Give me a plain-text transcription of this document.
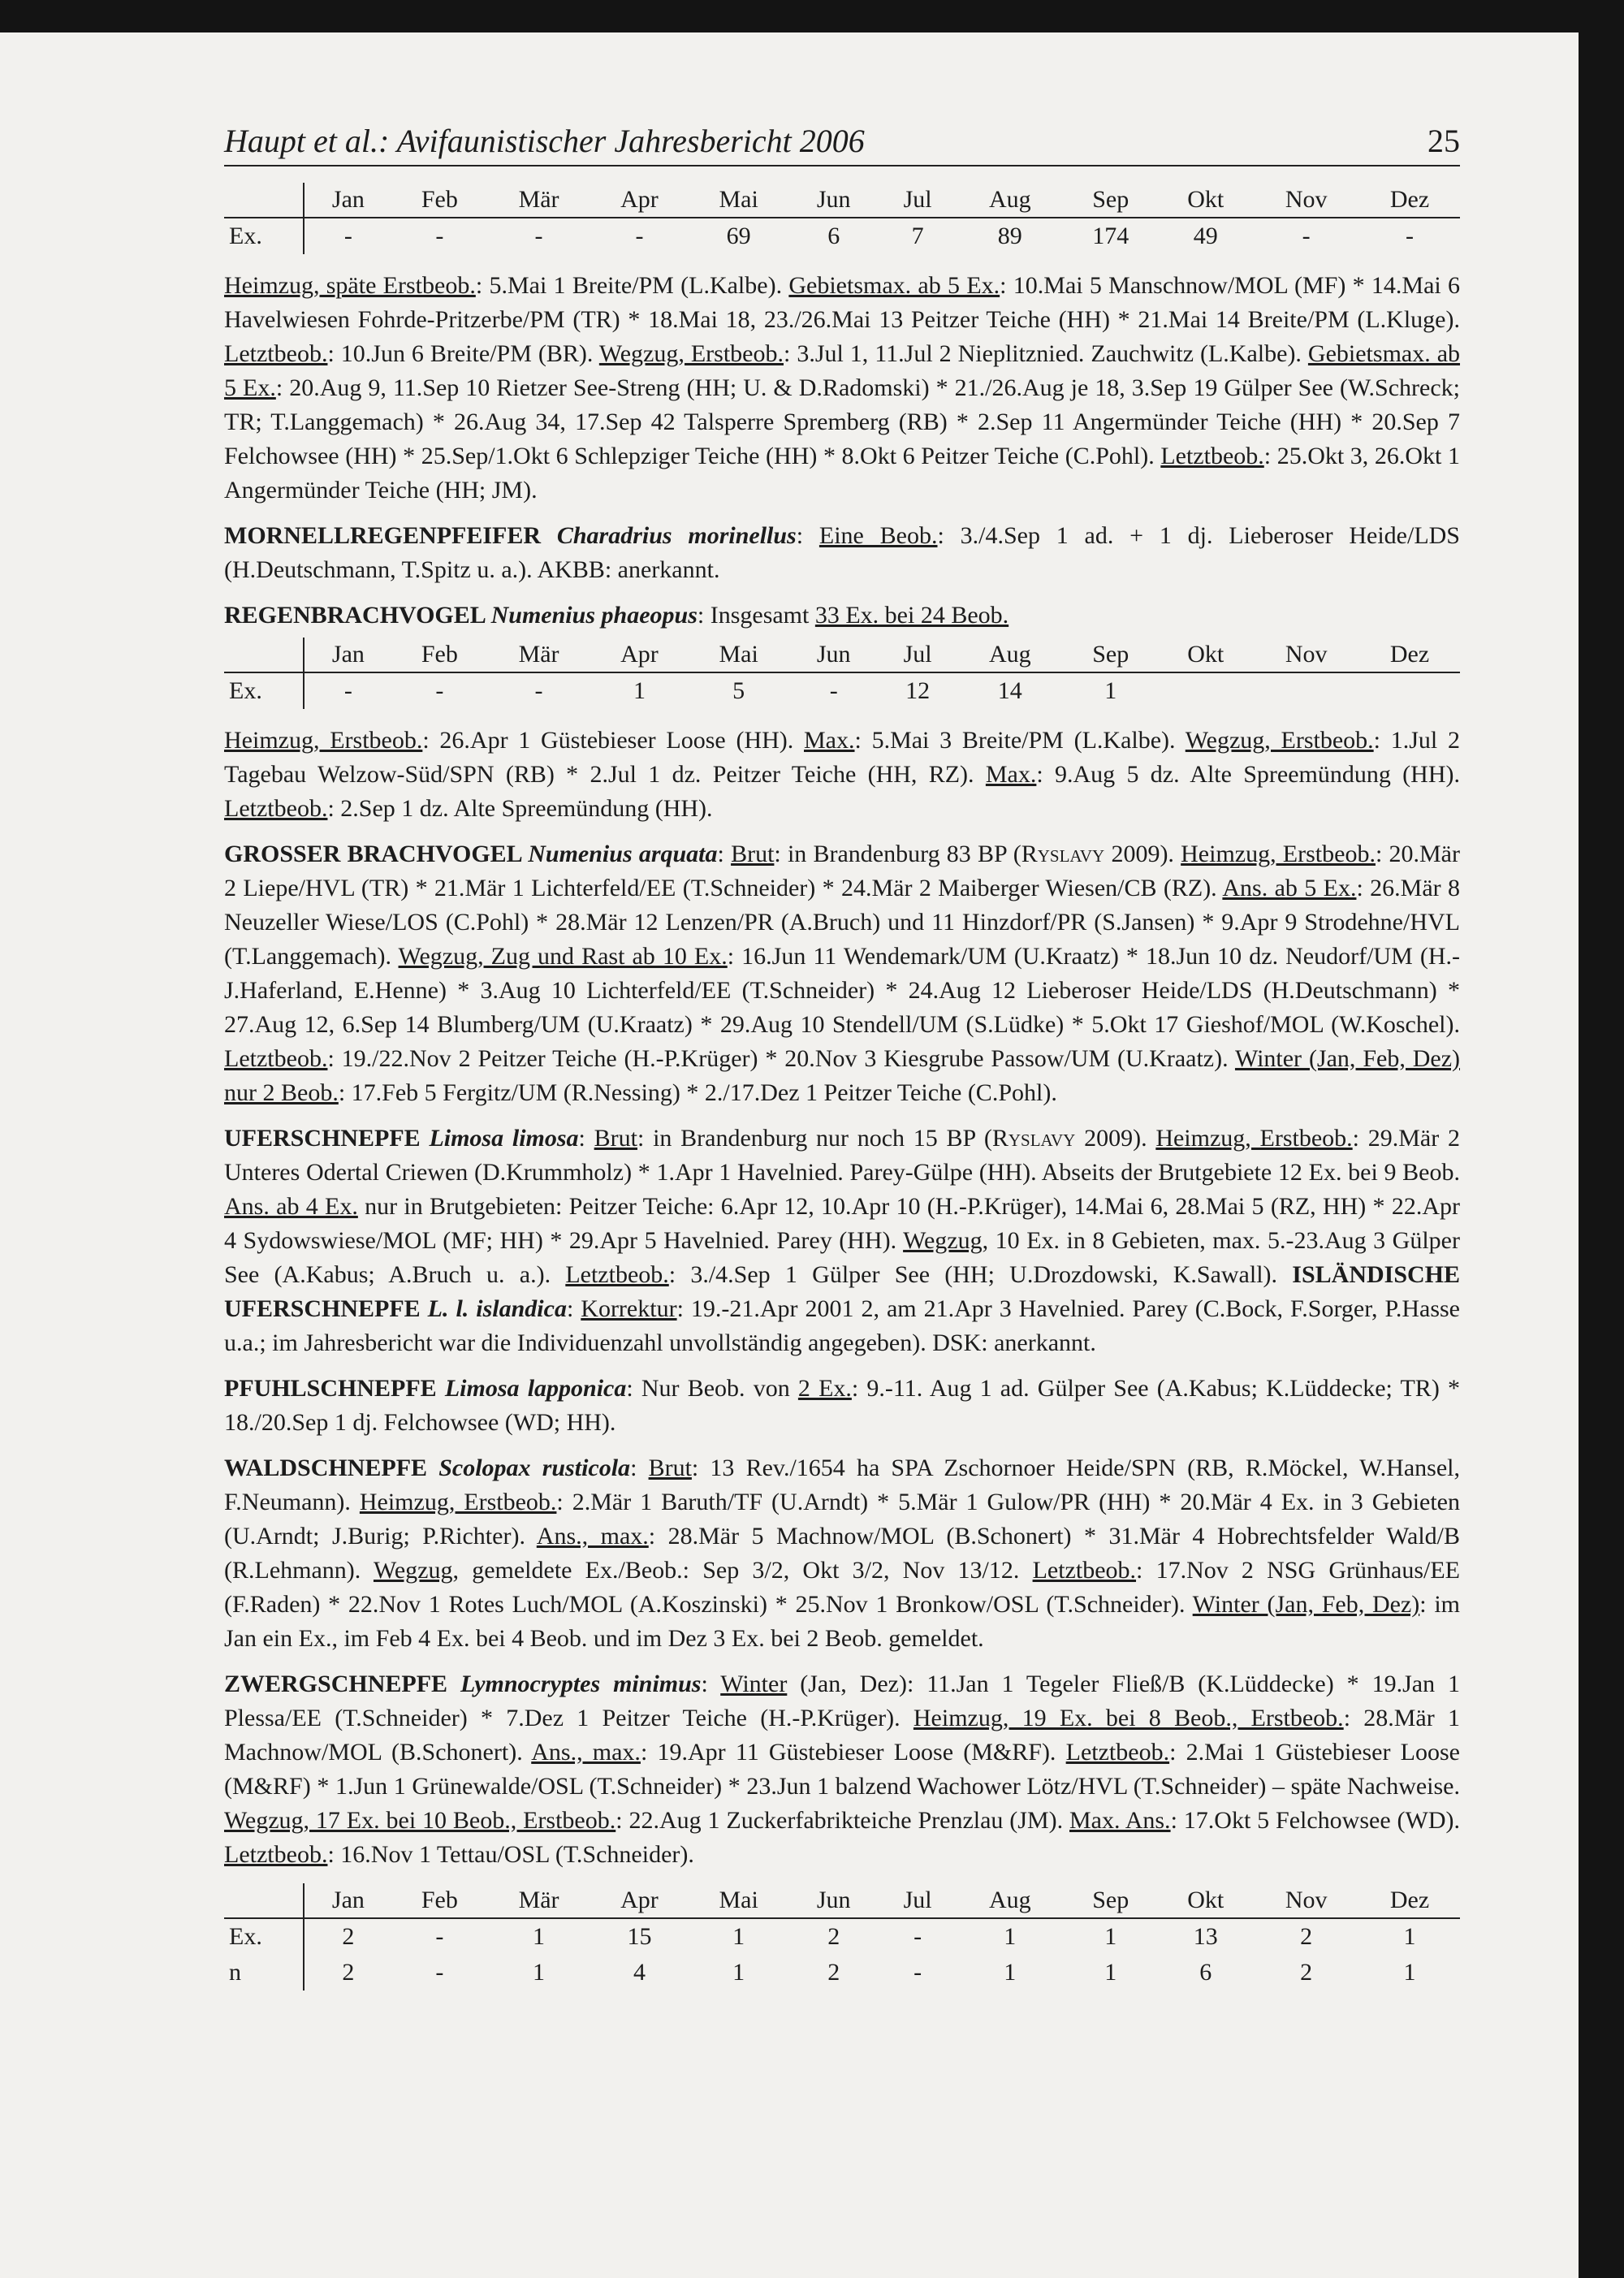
Haupt et al.: Avifaunistischer Jahresbericht 2006	25
	Jan	Feb	Mär	Apr	Mai	Jun	Jul	Aug	Sep	Okt	Nov	Dez
Ex.	-	-	-	-	69	6	7	89	174	49	-	-

Heimzug, späte Erstbeob.: 5.Mai 1 Breite/PM (L.Kalbe). Gebietsmax. ab 5 Ex.: 10.Mai 5 Manschnow/MOL (MF) * 14.Mai 6 Havelwiesen Fohrde-Pritzerbe/PM (TR) * 18.Mai 18, 23./26.Mai 13 Peitzer Teiche (HH) * 21.Mai 14 Breite/PM (L.Kluge). Letztbeob.: 10.Jun 6 Breite/PM (BR). Wegzug, Erstbeob.: 3.Jul 1, 11.Jul 2 Nieplitznied. Zauchwitz (L.Kalbe). Gebietsmax. ab 5 Ex.: 20.Aug 9, 11.Sep 10 Rietzer See-Streng (HH; U. & D.Radomski) * 21./26.Aug je 18, 3.Sep 19 Gülper See (W.Schreck; TR; T.Langgemach) * 26.Aug 34, 17.Sep 42 Talsperre Spremberg (RB) * 2.Sep 11 Angermünder Teiche (HH) * 20.Sep 7 Felchowsee (HH) * 25.Sep/1.Okt 6 Schlepziger Teiche (HH) * 8.Okt 6 Peitzer Teiche (C.Pohl). Letztbeob.: 25.Okt 3, 26.Okt 1 Angermünder Teiche (HH; JM).

MORNELLREGENPFEIFER Charadrius morinellus: Eine Beob.: 3./4.Sep 1 ad. + 1 dj. Lieberoser Heide/LDS (H.Deutschmann, T.Spitz u. a.). AKBB: anerkannt.

REGENBRACHVOGEL Numenius phaeopus: Insgesamt 33 Ex. bei 24 Beob.

	Jan	Feb	Mär	Apr	Mai	Jun	Jul	Aug	Sep	Okt	Nov	Dez
Ex.	-	-	-	1	5	-	12	14	1			

Heimzug, Erstbeob.: 26.Apr 1 Güstebieser Loose (HH). Max.: 5.Mai 3 Breite/PM (L.Kalbe). Wegzug, Erstbeob.: 1.Jul 2 Tagebau Welzow-Süd/SPN (RB) * 2.Jul 1 dz. Peitzer Teiche (HH, RZ). Max.: 9.Aug 5 dz. Alte Spreemündung (HH). Letztbeob.: 2.Sep 1 dz. Alte Spreemündung (HH).

GROSSER BRACHVOGEL Numenius arquata: Brut: in Brandenburg 83 BP (Ryslavy 2009). Heimzug, Erstbeob.: 20.Mär 2 Liepe/HVL (TR) * 21.Mär 1 Lichterfeld/EE (T.Schneider) * 24.Mär 2 Maiberger Wiesen/CB (RZ). Ans. ab 5 Ex.: 26.Mär 8 Neuzeller Wiese/LOS (C.Pohl) * 28.Mär 12 Lenzen/PR (A.Bruch) und 11 Hinzdorf/PR (S.Jansen) * 9.Apr 9 Strodehne/HVL (T.Langgemach). Wegzug, Zug und Rast ab 10 Ex.: 16.Jun 11 Wendemark/UM (U.Kraatz) * 18.Jun 10 dz. Neudorf/UM (H.-J.Haferland, E.Henne) * 3.Aug 10 Lichterfeld/EE (T.Schneider) * 24.Aug 12 Lieberoser Heide/LDS (H.Deutschmann) * 27.Aug 12, 6.Sep 14 Blumberg/UM (U.Kraatz) * 29.Aug 10 Stendell/UM (S.Lüdke) * 5.Okt 17 Gieshof/MOL (W.Koschel). Letztbeob.: 19./22.Nov 2 Peitzer Teiche (H.-P.Krüger) * 20.Nov 3 Kiesgrube Passow/UM (U.Kraatz). Winter (Jan, Feb, Dez) nur 2 Beob.: 17.Feb 5 Fergitz/UM (R.Nessing) * 2./17.Dez 1 Peitzer Teiche (C.Pohl).

UFERSCHNEPFE Limosa limosa: Brut: in Brandenburg nur noch 15 BP (Ryslavy 2009). Heimzug, Erstbeob.: 29.Mär 2 Unteres Odertal Criewen (D.Krummholz) * 1.Apr 1 Havelnied. Parey-Gülpe (HH). Abseits der Brutgebiete 12 Ex. bei 9 Beob. Ans. ab 4 Ex. nur in Brutgebieten: Peitzer Teiche: 6.Apr 12, 10.Apr 10 (H.-P.Krüger), 14.Mai 6, 28.Mai 5 (RZ, HH) * 22.Apr 4 Sydowswiese/MOL (MF; HH) * 29.Apr 5 Havelnied. Parey (HH). Wegzug, 10 Ex. in 8 Gebieten, max. 5.-23.Aug 3 Gülper See (A.Kabus; A.Bruch u. a.). Letztbeob.: 3./4.Sep 1 Gülper See (HH; U.Drozdowski, K.Sawall). ISLÄNDISCHE UFERSCHNEPFE L. l. islandica: Korrektur: 19.-21.Apr 2001 2, am 21.Apr 3 Havelnied. Parey (C.Bock, F.Sorger, P.Hasse u.a.; im Jahresbericht war die Individuenzahl unvollständig angegeben). DSK: anerkannt.

PFUHLSCHNEPFE Limosa lapponica: Nur Beob. von 2 Ex.: 9.-11. Aug 1 ad. Gülper See (A.Kabus; K.Lüddecke; TR) * 18./20.Sep 1 dj. Felchowsee (WD; HH).

WALDSCHNEPFE Scolopax rusticola: Brut: 13 Rev./1654 ha SPA Zschornoer Heide/SPN (RB, R.Möckel, W.Hansel, F.Neumann). Heimzug, Erstbeob.: 2.Mär 1 Baruth/TF (U.Arndt) * 5.Mär 1 Gulow/PR (HH) * 20.Mär 4 Ex. in 3 Gebieten (U.Arndt; J.Burig; P.Richter). Ans., max.: 28.Mär 5 Machnow/MOL (B.Schonert) * 31.Mär 4 Hobrechtsfelder Wald/B (R.Lehmann). Wegzug, gemeldete Ex./Beob.: Sep 3/2, Okt 3/2, Nov 13/12. Letztbeob.: 17.Nov 2 NSG Grünhaus/EE (F.Raden) * 22.Nov 1 Rotes Luch/MOL (A.Koszinski) * 25.Nov 1 Bronkow/OSL (T.Schneider). Winter (Jan, Feb, Dez): im Jan ein Ex., im Feb 4 Ex. bei 4 Beob. und im Dez 3 Ex. bei 2 Beob. gemeldet.

ZWERGSCHNEPFE Lymnocryptes minimus: Winter (Jan, Dez): 11.Jan 1 Tegeler Fließ/B (K.Lüddecke) * 19.Jan 1 Plessa/EE (T.Schneider) * 7.Dez 1 Peitzer Teiche (H.-P.Krüger). Heimzug, 19 Ex. bei 8 Beob., Erstbeob.: 28.Mär 1 Machnow/MOL (B.Schonert). Ans., max.: 19.Apr 11 Güstebieser Loose (M&RF). Letztbeob.: 2.Mai 1 Güstebieser Loose (M&RF) * 1.Jun 1 Grünewalde/OSL (T.Schneider) * 23.Jun 1 balzend Wachower Lötz/HVL (T.Schneider) – späte Nachweise. Wegzug, 17 Ex. bei 10 Beob., Erstbeob.: 22.Aug 1 Zuckerfabrikteiche Prenzlau (JM). Max. Ans.: 17.Okt 5 Felchowsee (WD). Letztbeob.: 16.Nov 1 Tettau/OSL (T.Schneider).

	Jan	Feb	Mär	Apr	Mai	Jun	Jul	Aug	Sep	Okt	Nov	Dez
Ex.	2	-	1	15	1	2	-	1	1	13	2	1
n	2	-	1	4	1	2	-	1	1	6	2	1
